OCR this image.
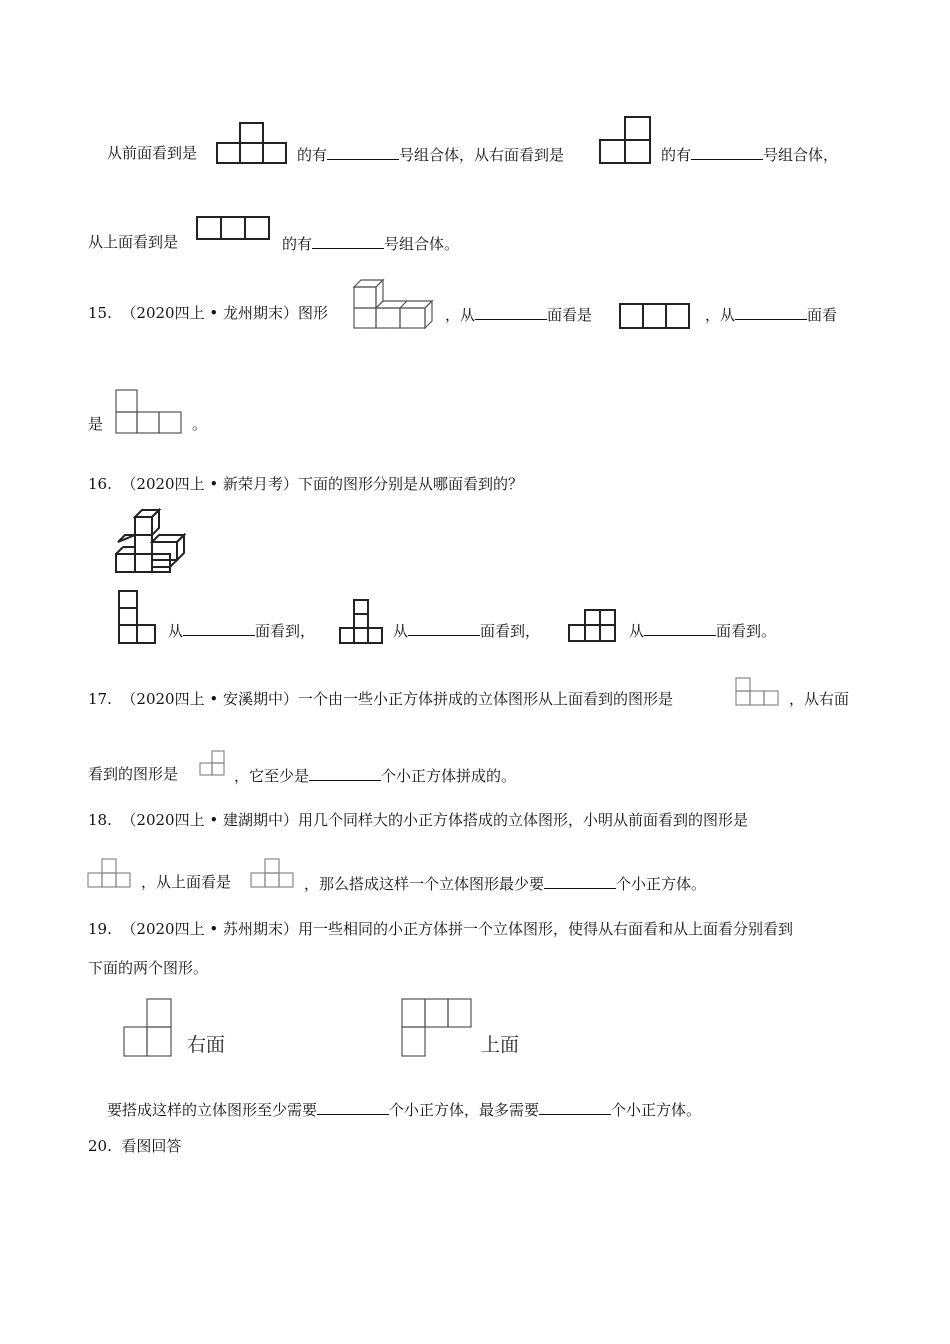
从前面看到是	的有	号组合体，从右面看到是	的有	号组合体，
从上面看到是	的有	号组合体。
15. （2020四上 • 龙州期末）图形	，从	面看是	，从	面看
是	。
16. （2020四上 • 新荣月考）下面的图形分别是从哪面看到的？
从	面看到，	从	面看到，	从	面看到。
17. （2020四上 • 安溪期中）一个由一些小正方体拼成的立体图形从上面看到的图形是	，从右面
看到的图形是	，它至少是	个小正方体拼成的。
18. （2020四上 • 建湖期中）用几个同样大的小正方体搭成的立体图形，小明从前面看到的图形是
，从上面看是	，那么搭成这样一个立体图形最少要	个小正方体。
19. （2020四上 • 苏州期末）用一些相同的小正方体拼一个立体图形，使得从右面看和从上面看分别看到
下面的两个图形。
右面	上面
要搭成这样的立体图形至少需要	个小正方体，最多需要	个小正方体。
20. 看图回答
